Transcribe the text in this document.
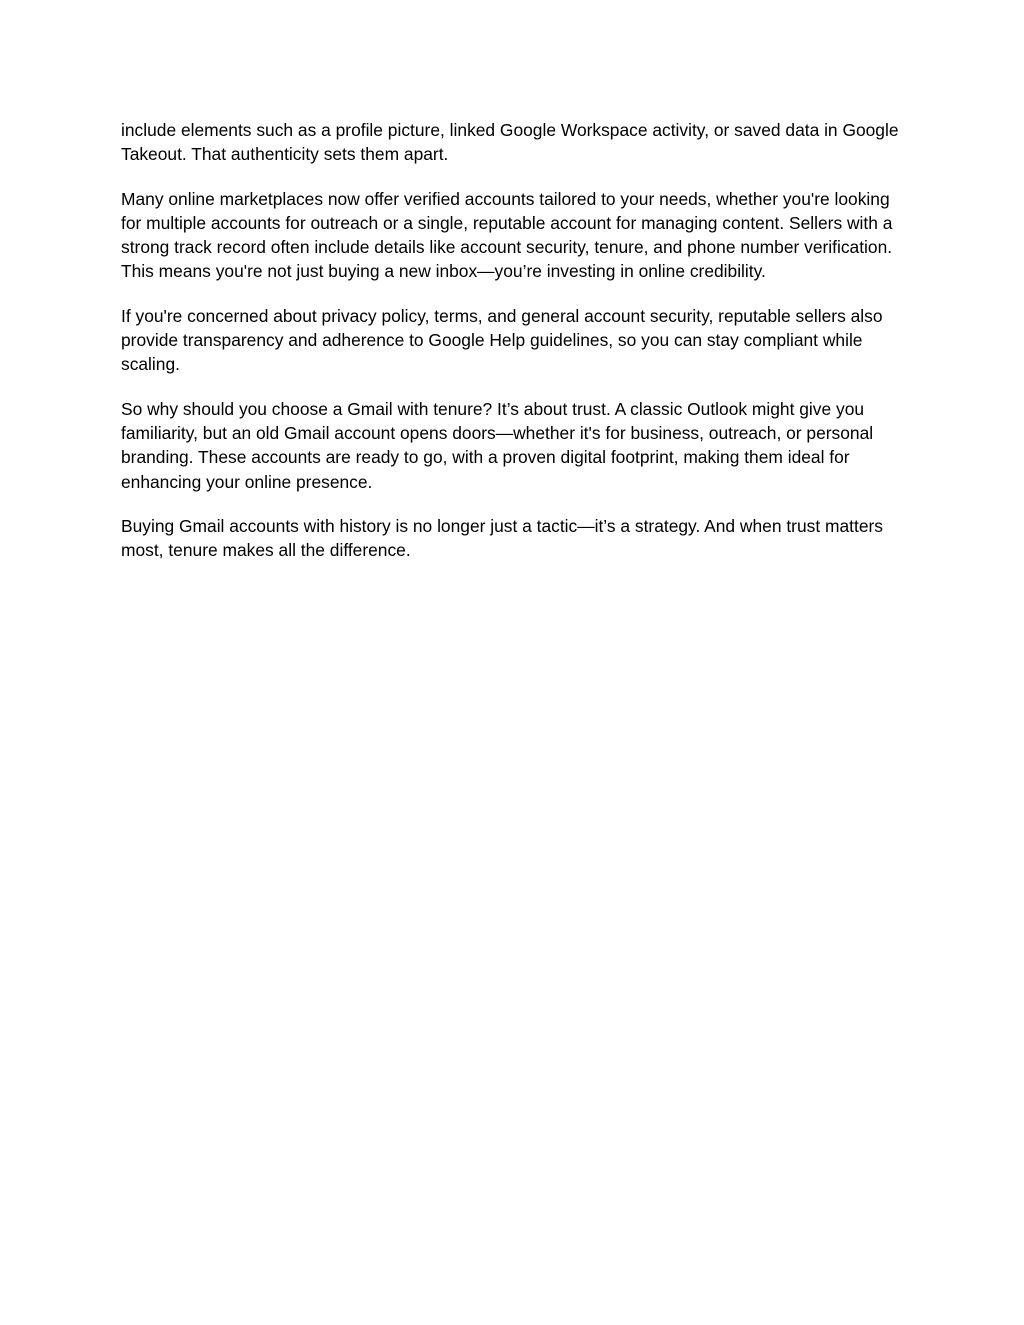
include elements such as a profile picture, linked Google Workspace activity, or saved data in Google Takeout. That authenticity sets them apart.

Many online marketplaces now offer verified accounts tailored to your needs, whether you're looking for multiple accounts for outreach or a single, reputable account for managing content. Sellers with a strong track record often include details like account security, tenure, and phone number verification. This means you're not just buying a new inbox—you’re investing in online credibility.

If you're concerned about privacy policy, terms, and general account security, reputable sellers also provide transparency and adherence to Google Help guidelines, so you can stay compliant while scaling.

So why should you choose a Gmail with tenure? It’s about trust. A classic Outlook might give you familiarity, but an old Gmail account opens doors—whether it's for business, outreach, or personal branding. These accounts are ready to go, with a proven digital footprint, making them ideal for enhancing your online presence.

Buying Gmail accounts with history is no longer just a tactic—it’s a strategy. And when trust matters most, tenure makes all the difference.
